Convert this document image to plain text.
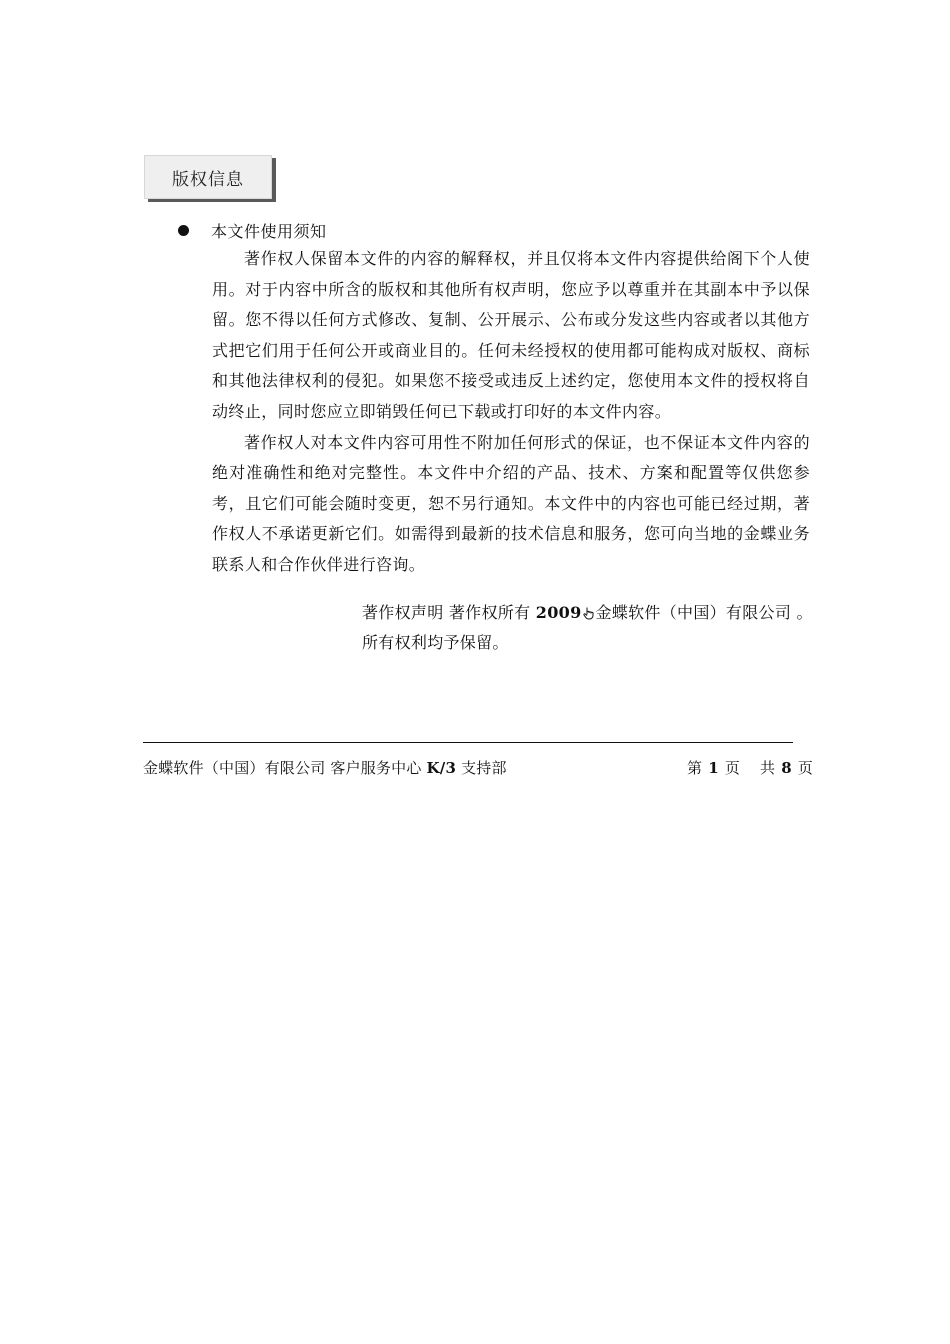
版权信息
本文件使用须知

著作权人保留本文件的内容的解释权，并且仅将本文件内容提供给阁下个人使用。对于内容中所含的版权和其他所有权声明，您应予以尊重并在其副本中予以保留。您不得以任何方式修改、复制、公开展示、公布或分发这些内容或者以其他方式把它们用于任何公开或商业目的。任何未经授权的使用都可能构成对版权、商标和其他法律权利的侵犯。如果您不接受或违反上述约定，您使用本文件的授权将自动终止，同时您应立即销毁任何已下载或打印好的本文件内容。

著作权人对本文件内容可用性不附加任何形式的保证，也不保证本文件内容的绝对准确性和绝对完整性。本文件中介绍的产品、技术、方案和配置等仅供您参考，且它们可能会随时变更，恕不另行通知。本文件中的内容也可能已经过期，著作权人不承诺更新它们。如需得到最新的技术信息和服务，您可向当地的金蝶业务联系人和合作伙伴进行咨询。

著作权声明 著作权所有 2009 金蝶软件（中国）有限公司 。
所有权利均予保留。
金蝶软件（中国）有限公司 客户服务中心 K/3 支持部	第 1 页 共 8 页
